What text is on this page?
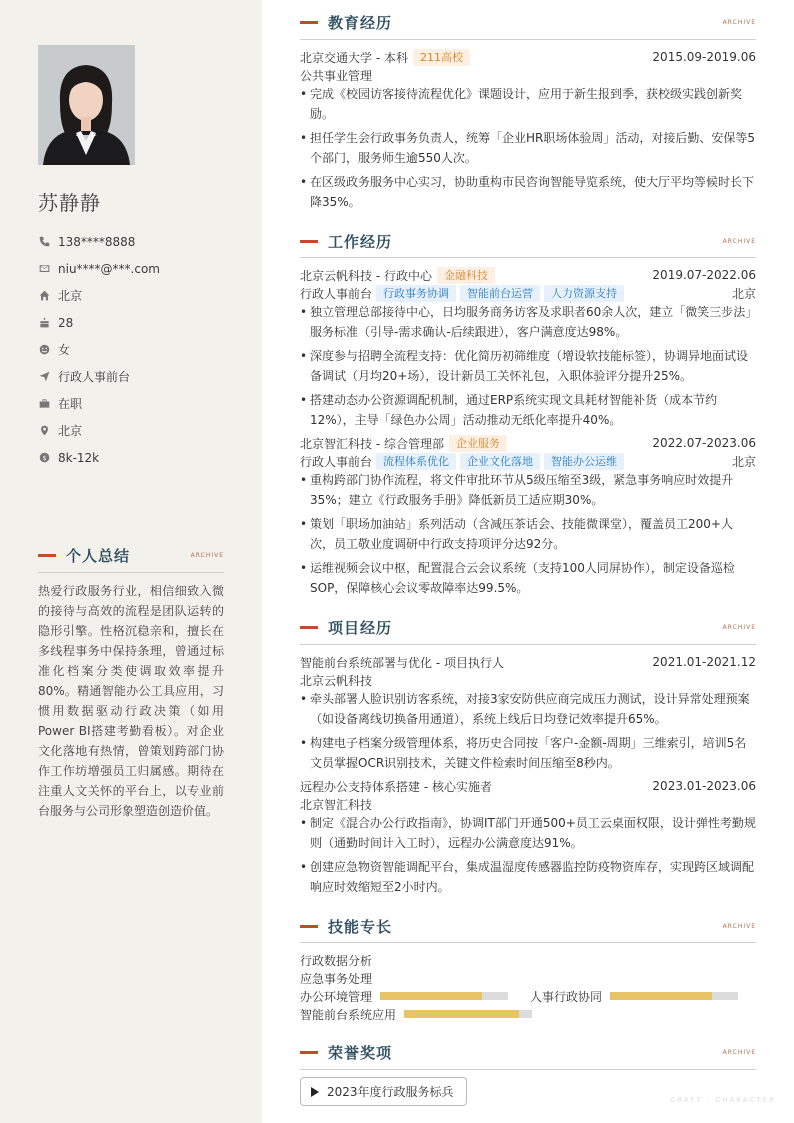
苏静静
138****8888
niu****@***.com
北京
28
女
行政人事前台
在职
北京
$ 8k-12k
个人总结	ARCHIVE
热爱行政服务行业，相信细致入微的接待与高效的流程是团队运转的隐形引擎。性格沉稳亲和，擅长在多线程事务中保持条理，曾通过标准化档案分类使调取效率提升80%。精通智能办公工具应用，习惯用数据驱动行政决策（如用Power BI搭建考勤看板）。对企业文化落地有热情，曾策划跨部门协作工作坊增强员工归属感。期待在注重人文关怀的平台上，以专业前台服务与公司形象塑造创造价值。
教育经历	ARCHIVE
北京交通大学 - 本科	211高校	2015.09-2019.06
公共事业管理
• 完成《校园访客接待流程优化》课题设计，应用于新生报到季，获校级实践创新奖励。
• 担任学生会行政事务负责人，统筹「企业HR职场体验周」活动，对接后勤、安保等5个部门，服务师生逾550人次。
• 在区级政务服务中心实习，协助重构市民咨询智能导览系统，使大厅平均等候时长下降35%。
工作经历	ARCHIVE
北京云帆科技 - 行政中心	金融科技	2019.07-2022.06
行政人事前台	行政事务协调	智能前台运营	人力资源支持	北京
• 独立管理总部接待中心，日均服务商务访客及求职者60余人次，建立「微笑三步法」服务标准（引导-需求确认-后续跟进），客户满意度达98%。
• 深度参与招聘全流程支持：优化简历初筛维度（增设软技能标签），协调异地面试设备调试（月均20+场），设计新员工关怀礼包，入职体验评分提升25%。
• 搭建动态办公资源调配机制，通过ERP系统实现文具耗材智能补货（成本节约12%），主导「绿色办公周」活动推动无纸化率提升40%。
北京智汇科技 - 综合管理部	企业服务	2022.07-2023.06
行政人事前台	流程体系优化	企业文化落地	智能办公运维	北京
• 重构跨部门协作流程，将文件审批环节从5级压缩至3级，紧急事务响应时效提升35%；建立《行政服务手册》降低新员工适应期30%。
• 策划「职场加油站」系列活动（含减压茶话会、技能微课堂），覆盖员工200+人次，员工敬业度调研中行政支持项评分达92分。
• 运维视频会议中枢，配置混合云会议系统（支持100人同屏协作），制定设备巡检SOP，保障核心会议零故障率达99.5%。
项目经历	ARCHIVE
智能前台系统部署与优化 - 项目执行人	2021.01-2021.12
北京云帆科技
• 牵头部署人脸识别访客系统，对接3家安防供应商完成压力测试，设计异常处理预案（如设备离线切换备用通道），系统上线后日均登记效率提升65%。
• 构建电子档案分级管理体系，将历史合同按「客户-金额-周期」三维索引，培训5名文员掌握OCR识别技术，关键文件检索时间压缩至8秒内。
远程办公支持体系搭建 - 核心实施者	2023.01-2023.06
北京智汇科技
• 制定《混合办公行政指南》，协调IT部门开通500+员工云桌面权限，设计弹性考勤规则（通勤时间计入工时），远程办公满意度达91%。
• 创建应急物资智能调配平台，集成温湿度传感器监控防疫物资库存，实现跨区域调配响应时效缩短至2小时内。
技能专长	ARCHIVE
行政数据分析
应急事务处理
办公环境管理	人事行政协同
智能前台系统应用
荣誉奖项	ARCHIVE
2023年度行政服务标兵
CRAFT · CHARACTER
